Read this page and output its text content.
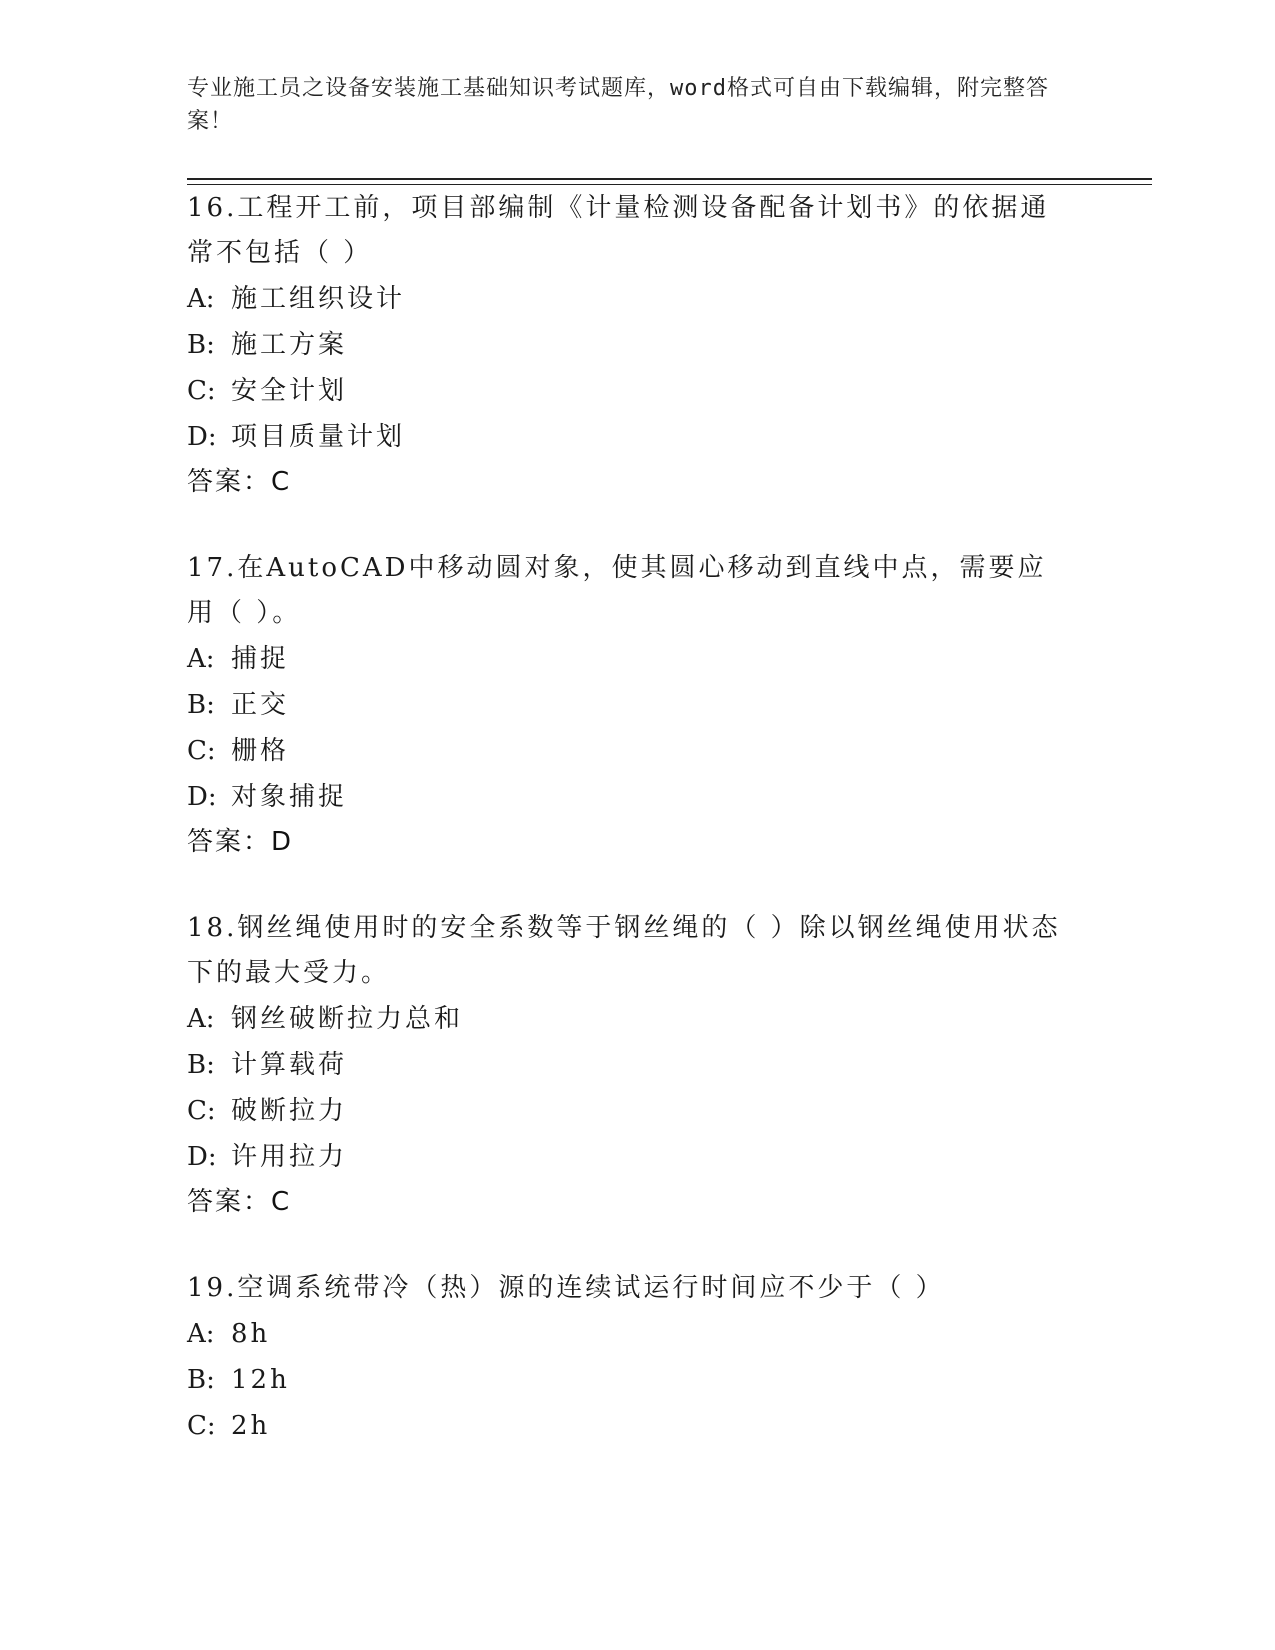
专业施工员之设备安装施工基础知识考试题库，word格式可自由下载编辑，附完整答案！

16.工程开工前，项目部编制《计量检测设备配备计划书》的依据通常不包括（ ）

A: 施工组织设计
B: 施工方案
C: 安全计划
D: 项目质量计划

答案：C

17.在AutoCAD中移动圆对象，使其圆心移动到直线中点，需要应用（ ）。

A: 捕捉
B: 正交
C: 栅格
D: 对象捕捉

答案：D

18.钢丝绳使用时的安全系数等于钢丝绳的（ ）除以钢丝绳使用状态下的最大受力。

A: 钢丝破断拉力总和
B: 计算载荷
C: 破断拉力
D: 许用拉力

答案：C

19.空调系统带冷（热）源的连续试运行时间应不少于（ ）

A: 8h
B: 12h
C: 2h
